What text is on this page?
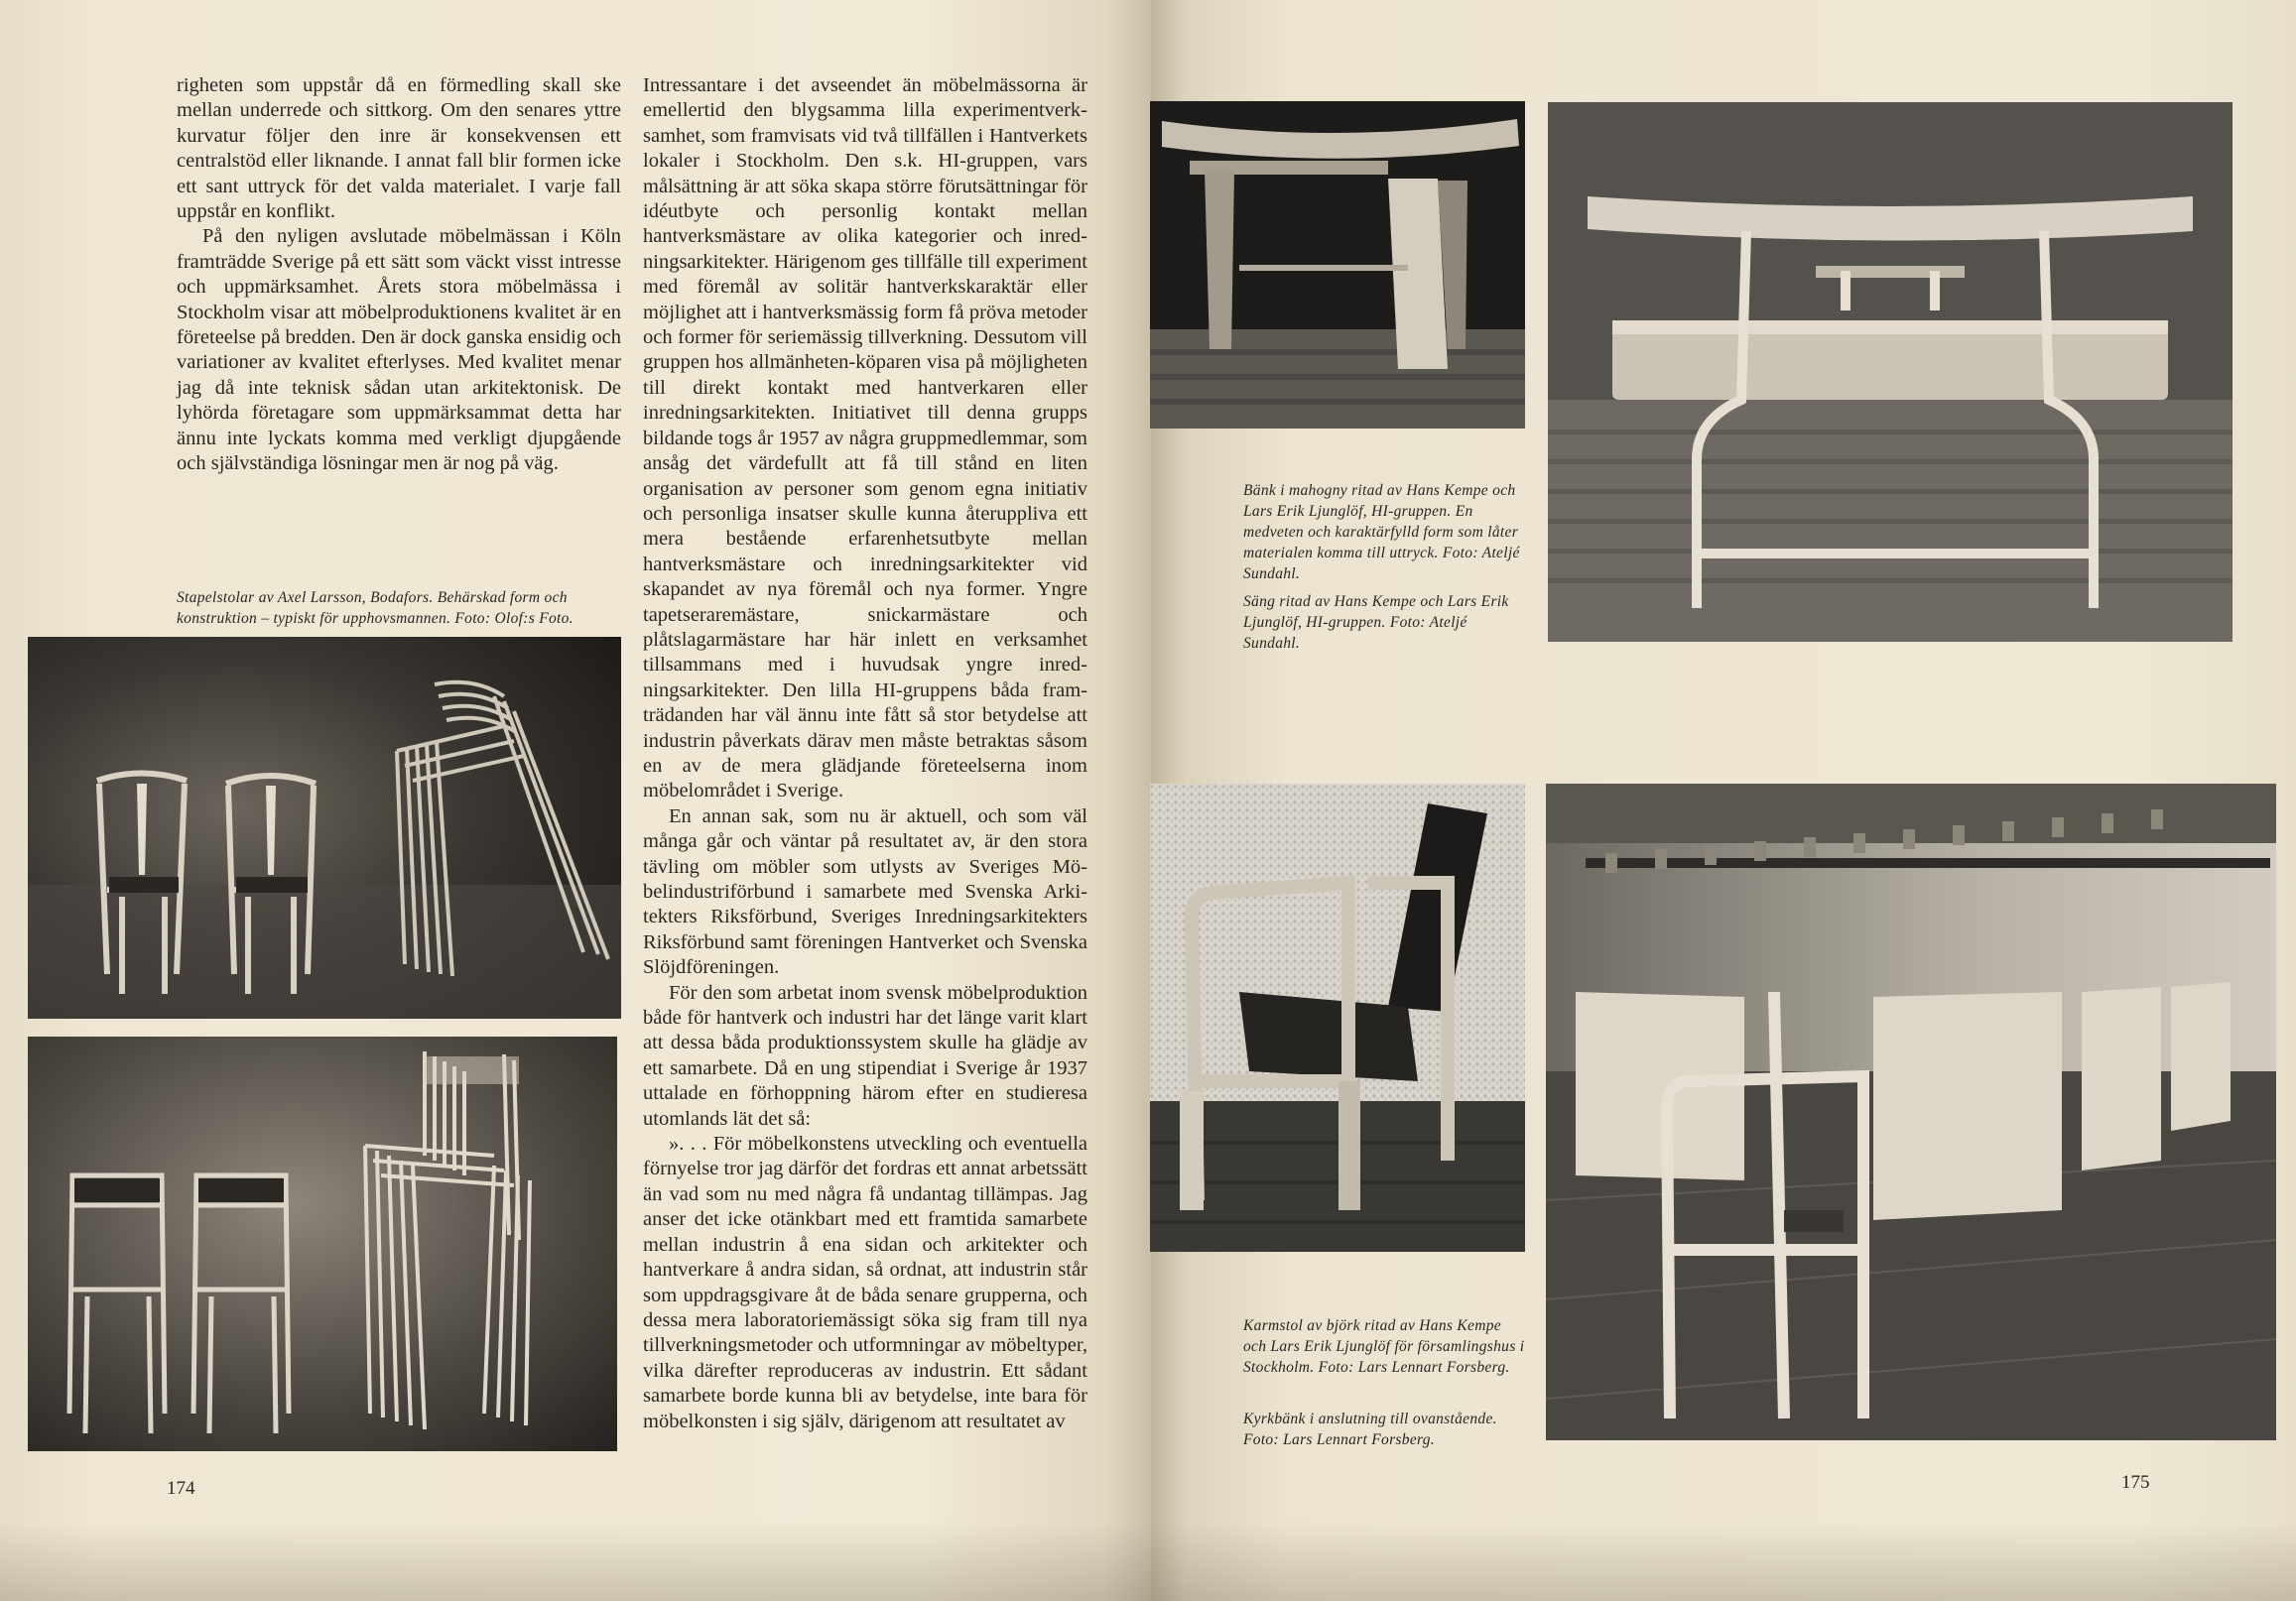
righeten som uppstår då en förmedling skall ske mellan underrede och sittkorg. Om den senares yttre kurvatur följer den inre är konsekvensen ett centralstöd eller liknande. I annat fall blir formen icke ett sant uttryck för det valda materialet. I varje fall uppstår en konflikt.

På den nyligen avslutade möbelmässan i Köln framträdde Sverige på ett sätt som väckt visst intresse och uppmärksamhet. Årets stora möbelmässa i Stockholm visar att möbelproduktionens kvalitet är en företeelse på bredden. Den är dock ganska ensidig och variationer av kvalitet efterlyses. Med kvalitet menar jag då inte teknisk sådan utan arkitektonisk. De lyhörda företagare som uppmärksammat detta har ännu inte lyckats komma med verkligt djupgående och självständiga lösningar men är nog på väg.

Stapelstolar av Axel Larsson, Bodafors. Behärskad form och konstruktion – typiskt för upphovsmannen. Foto: Olof:s Foto.

Intressantare i det avseendet än möbelmässorna är emellertid den blygsamma lilla experimentverksamhet, som framvisats vid två tillfällen i Hantverkets lokaler i Stockholm. Den s.k. HI-gruppen, vars målsättning är att söka skapa större förutsättningar för idéutbyte och personlig kontakt mellan hantverksmästare av olika kategorier och inredningsarkitekter. Härigenom ges tillfälle till experiment med föremål av solitär hantverkskaraktär eller möjlighet att i hantverksmässig form få pröva metoder och former för seriemässig tillverkning. Dessutom vill gruppen hos allmänheten-köparen visa på möjligheten till direkt kontakt med hantverkaren eller inredningsarkitekten. Initiativet till denna grupps bildande togs år 1957 av några gruppmedlemmar, som ansåg det värdefullt att få till stånd en liten organisation av personer som genom egna initiativ och personliga insatser skulle kunna återuppliva ett mera bestående erfarenhetsutbyte mellan hantverksmästare och inredningsarkitekter vid skapandet av nya föremål och nya former. Yngre tapetseraremästare, snickarmästare och plåtslagarmästare har här inlett en verksamhet tillsammans med i huvudsak yngre inredningsarkitekter. Den lilla HI-gruppens båda framträdanden har väl ännu inte fått så stor betydelse att industrin påverkats därav men måste betraktas såsom en av de mera glädjande företeelserna inom möbelområdet i Sverige.

En annan sak, som nu är aktuell, och som väl många går och väntar på resultatet av, är den stora tävling om möbler som utlysts av Sveriges Möbelindustriförbund i samarbete med Svenska Arkitekters Riksförbund, Sveriges Inredningsarkitekters Riksförbund samt föreningen Hantverket och Svenska Slöjdföreningen.

För den som arbetat inom svensk möbelproduktion både för hantverk och industri har det länge varit klart att dessa båda produktionssystem skulle ha glädje av ett samarbete. Då en ung stipendiat i Sverige år 1937 uttalade en förhoppning härom efter en studieresa utomlands lät det så:

». . . För möbelkonstens utveckling och eventuella förnyelse tror jag därför det fordras ett annat arbetssätt än vad som nu med några få undantag tillämpas. Jag anser det icke otänkbart med ett framtida samarbete mellan industrin å ena sidan och arkitekter och hantverkare å andra sidan, så ordnat, att industrin står som uppdragsgivare åt de båda senare grupperna, och dessa mera laboratoriemässigt söka sig fram till nya tillverkningsmetoder och utformningar av möbeltyper, vilka därefter reproduceras av industrin. Ett sådant samarbete borde kunna bli av betydelse, inte bara för möbelkonsten i sig själv, därigenom att resultatet av

174
Bänk i mahogny ritad av Hans Kempe och Lars Erik Ljunglöf, HI-gruppen. En medveten och karaktärfylld form som låter materialen komma till uttryck. Foto: Ateljé Sundahl.
Säng ritad av Hans Kempe och Lars Erik Ljunglöf, HI-gruppen. Foto: Ateljé Sundahl.
Karmstol av björk ritad av Hans Kempe och Lars Erik Ljunglöf för församlingshus i Stockholm. Foto: Lars Lennart Forsberg.
Kyrkbänk i anslutning till ovanstående. Foto: Lars Lennart Forsberg.
175
